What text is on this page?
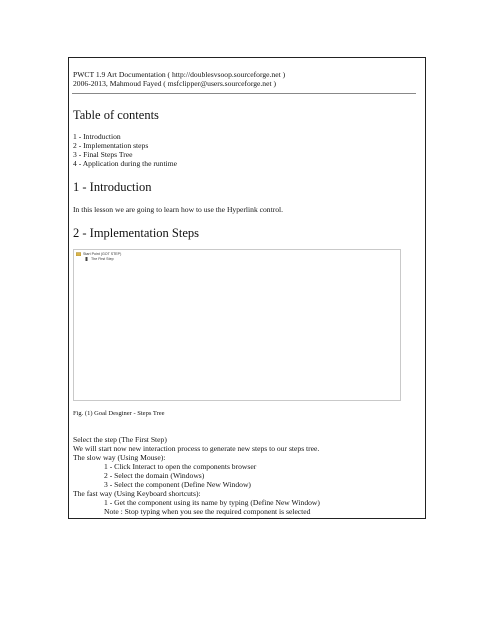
PWCT 1.9 Art Documentation ( http://doublesvsoop.sourceforge.net )
2006-2013, Mahmoud Fayed ( msfclipper@users.sourceforge.net )
Table of contents
1 - Introduction
2 - Implementation steps
3 - Final Steps Tree
4 - Application during the runtime
1 - Introduction
In this lesson we are going to learn how to use the Hyperlink control.
2 - Implementation Steps
Start Point (GOT STEP)
The First Step
Fig. (1) Goal Desginer - Steps Tree
Select the step (The First Step)
We will start now new interaction process to generate new steps to our steps tree.
The slow way (Using Mouse):
1 - Click Interact to open the components browser
2 - Select the domain (Windows)
3 - Select the component (Define New Window)
The fast way (Using Keyboard shortcuts):
1 - Get the component using its name by typing (Define New Window)
Note : Stop typing when you see the required component is selected
